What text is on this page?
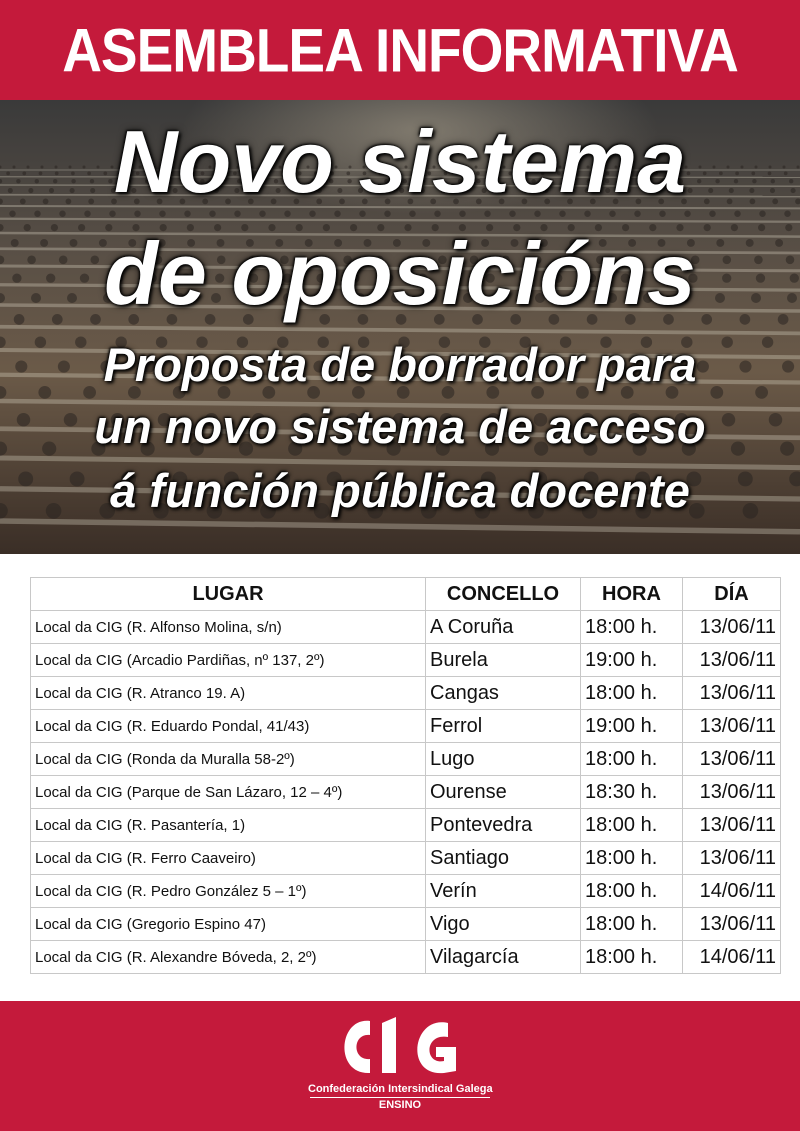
ASEMBLEA INFORMATIVA

Novo sistema

de oposicións

Proposta de borrador para

un novo sistema de acceso

á función pública docente

LUGAR	CONCELLO	HORA	DÍA
Local da CIG (R. Alfonso Molina, s/n)	A Coruña	18:00 h.	13/06/11
Local da CIG (Arcadio Pardiñas, nº 137, 2º)	Burela	19:00 h.	13/06/11
Local da CIG (R. Atranco 19. A)	Cangas	18:00 h.	13/06/11
Local da CIG (R. Eduardo Pondal, 41/43)	Ferrol	19:00 h.	13/06/11
Local da CIG (Ronda da Muralla 58-2º)	Lugo	18:00 h.	13/06/11
Local da CIG (Parque de San Lázaro, 12 – 4º)	Ourense	18:30 h.	13/06/11
Local da CIG (R. Pasantería, 1)	Pontevedra	18:00 h.	13/06/11
Local da CIG (R. Ferro Caaveiro)	Santiago	18:00 h.	13/06/11
Local da CIG (R. Pedro González 5 – 1º)	Verín	18:00 h.	14/06/11
Local da CIG (Gregorio Espino 47)	Vigo	18:00 h.	13/06/11
Local da CIG (R. Alexandre Bóveda, 2, 2º)	Vilagarcía	18:00 h.	14/06/11
Confederación Intersindical Galega
ENSINO
